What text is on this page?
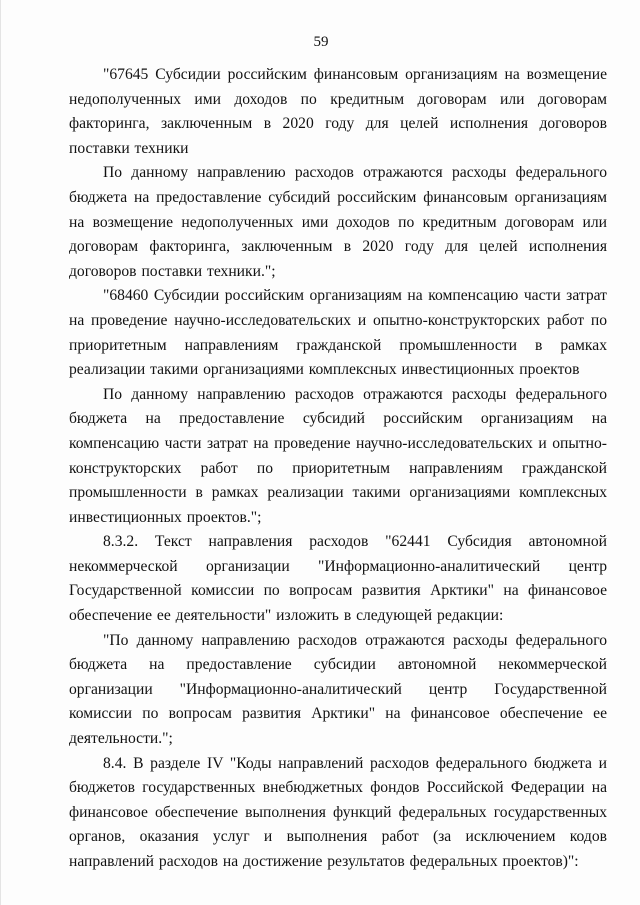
59

"67645 Субсидии российским финансовым организациям на возмещение недополученных ими доходов по кредитным договорам или договорам факторинга, заключенным в 2020 году для целей исполнения договоров поставки техники

По данному направлению расходов отражаются расходы федерального бюджета на предоставление субсидий российским финансовым организациям на возмещение недополученных ими доходов по кредитным договорам или договорам факторинга, заключенным в 2020 году для целей исполнения договоров поставки техники.";

"68460 Субсидии российским организациям на компенсацию части затрат на проведение научно-исследовательских и опытно-конструкторских работ по приоритетным направлениям гражданской промышленности в рамках реализации такими организациями комплексных инвестиционных проектов

По данному направлению расходов отражаются расходы федерального бюджета на предоставление субсидий российским организациям на компенсацию части затрат на проведение научно-исследовательских и опытно-конструкторских работ по приоритетным направлениям гражданской промышленности в рамках реализации такими организациями комплексных инвестиционных проектов.";

8.3.2. Текст направления расходов "62441 Субсидия автономной некоммерческой организации "Информационно-аналитический центр Государственной комиссии по вопросам развития Арктики" на финансовое обеспечение ее деятельности" изложить в следующей редакции:

"По данному направлению расходов отражаются расходы федерального бюджета на предоставление субсидии автономной некоммерческой организации "Информационно-аналитический центр Государственной комиссии по вопросам развития Арктики" на финансовое обеспечение ее деятельности.";

8.4. В разделе IV "Коды направлений расходов федерального бюджета и бюджетов государственных внебюджетных фондов Российской Федерации на финансовое обеспечение выполнения функций федеральных государственных органов, оказания услуг и выполнения работ (за исключением кодов направлений расходов на достижение результатов федеральных проектов)":
